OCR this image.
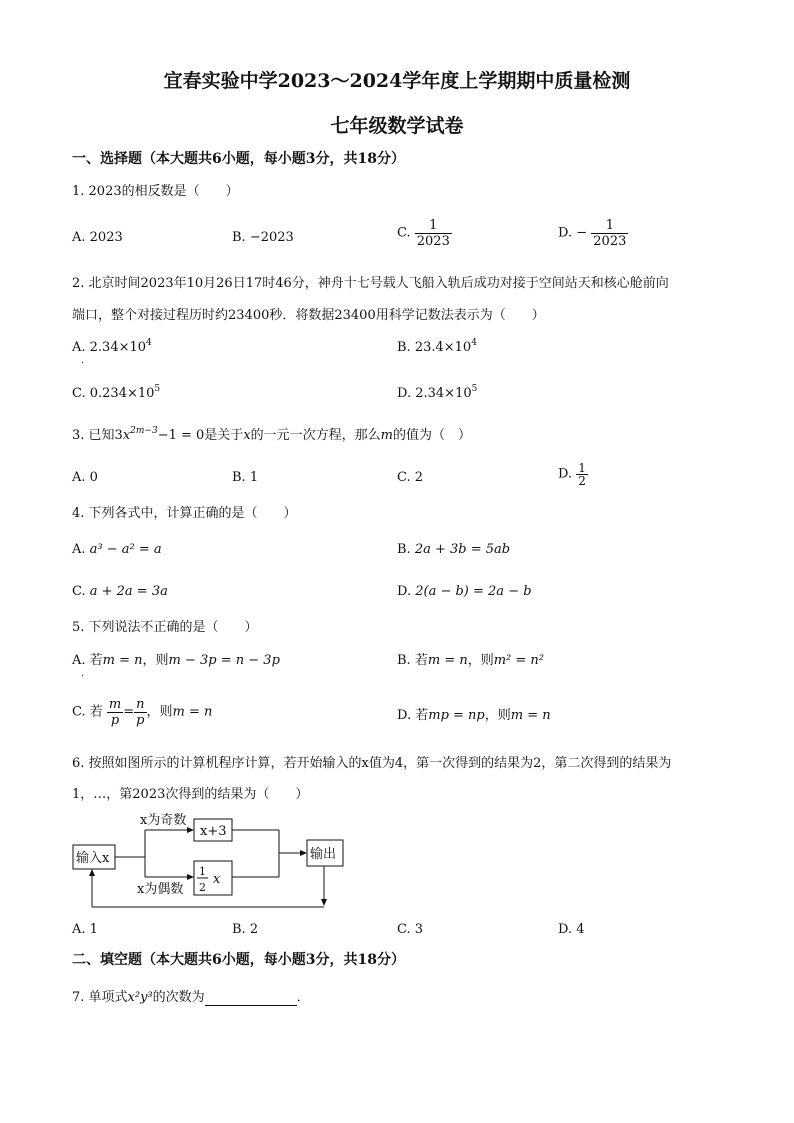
宜春实验中学2023～2024学年度上学期期中质量检测
七年级数学试卷
一、选择题（本大题共6小题，每小题3分，共18分）
1. 2023的相反数是（　　）
A. 2023	B. −2023	C. $\frac{1}{2023}$	D. − $\frac{1}{2023}$
2. 北京时间2023年10月26日17时46分，神舟十七号载人飞船入轨后成功对接于空间站天和核心舱前向
端口，整个对接过程历时约23400秒．将数据23400用科学记数法表示为（　　）
A. $2.34\times 10^4$
.
B. $23.4\times 10^4$
C. $0.234\times 10^5$	D. $2.34\times 10^5$
3. 已知$3x^{2m-3}-1 = 0$是关于x的一元一次方程，那么m的值为（　）
A. 0	B. 1	C. 2	D. $\frac{1}{2}$
4. 下列各式中，计算正确的是（　　）
A. a³ − a² = a	B. 2a + 3b = 5ab
C. a + 2a = 3a	D. 2(a − b) = 2a − b
5. 下列说法不正确的是（　　）
A. 若m = n，则m − 3p = n − 3p
.
B. 若m = n，则m² = n²
C. 若 $\frac{m}{p} = \frac{n}{p}$ ，则m = n	D. 若mp = np，则m = n
6. 按照如图所示的计算机程序计算，若开始输入的x值为4，第一次得到的结果为2，第二次得到的结果为
1，…，第2023次得到的结果为（　　）
输入x
x为奇数
x为偶数
x+3
1
2
x
输出
A. 1	B. 2	C. 3	D. 4
二、填空题（本大题共6小题，每小题3分，共18分）
7. 单项式x²y³的次数为	．
